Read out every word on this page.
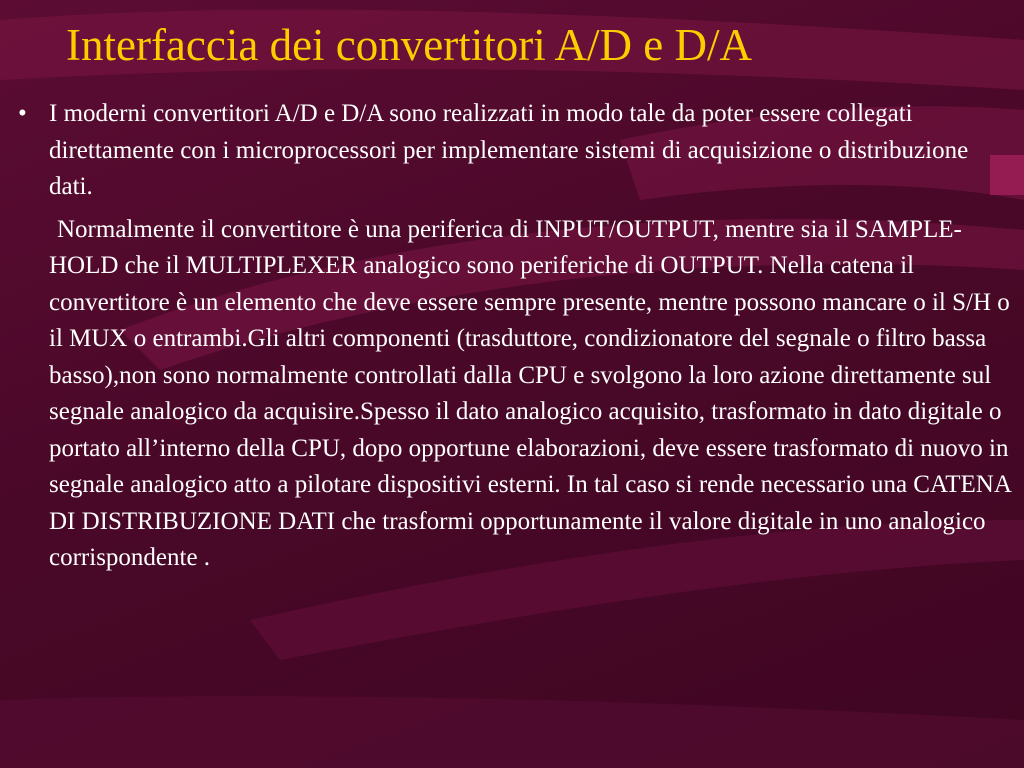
Interfaccia dei convertitori A/D e D/A
• I moderni convertitori A/D e D/A sono realizzati in modo tale da poter essere collegati direttamente con i microprocessori per implementare sistemi di acquisizione o distribuzione dati.

Normalmente il convertitore è una periferica di INPUT/OUTPUT, mentre sia il SAMPLE-HOLD che il MULTIPLEXER analogico sono periferiche di OUTPUT. Nella catena il convertitore è un elemento che deve essere sempre presente, mentre possono mancare o il S/H o il MUX o entrambi.Gli altri componenti (trasduttore, condizionatore del segnale o filtro bassa basso),non sono normalmente controllati dalla CPU e svolgono la loro azione direttamente sul segnale analogico da acquisire.Spesso il dato analogico acquisito, trasformato in dato digitale o portato all’interno della CPU, dopo opportune elaborazioni, deve essere trasformato di nuovo in segnale analogico atto a pilotare dispositivi esterni. In tal caso si rende necessario una CATENA DI DISTRIBUZIONE DATI che trasformi opportunamente il valore digitale in uno analogico corrispondente .
